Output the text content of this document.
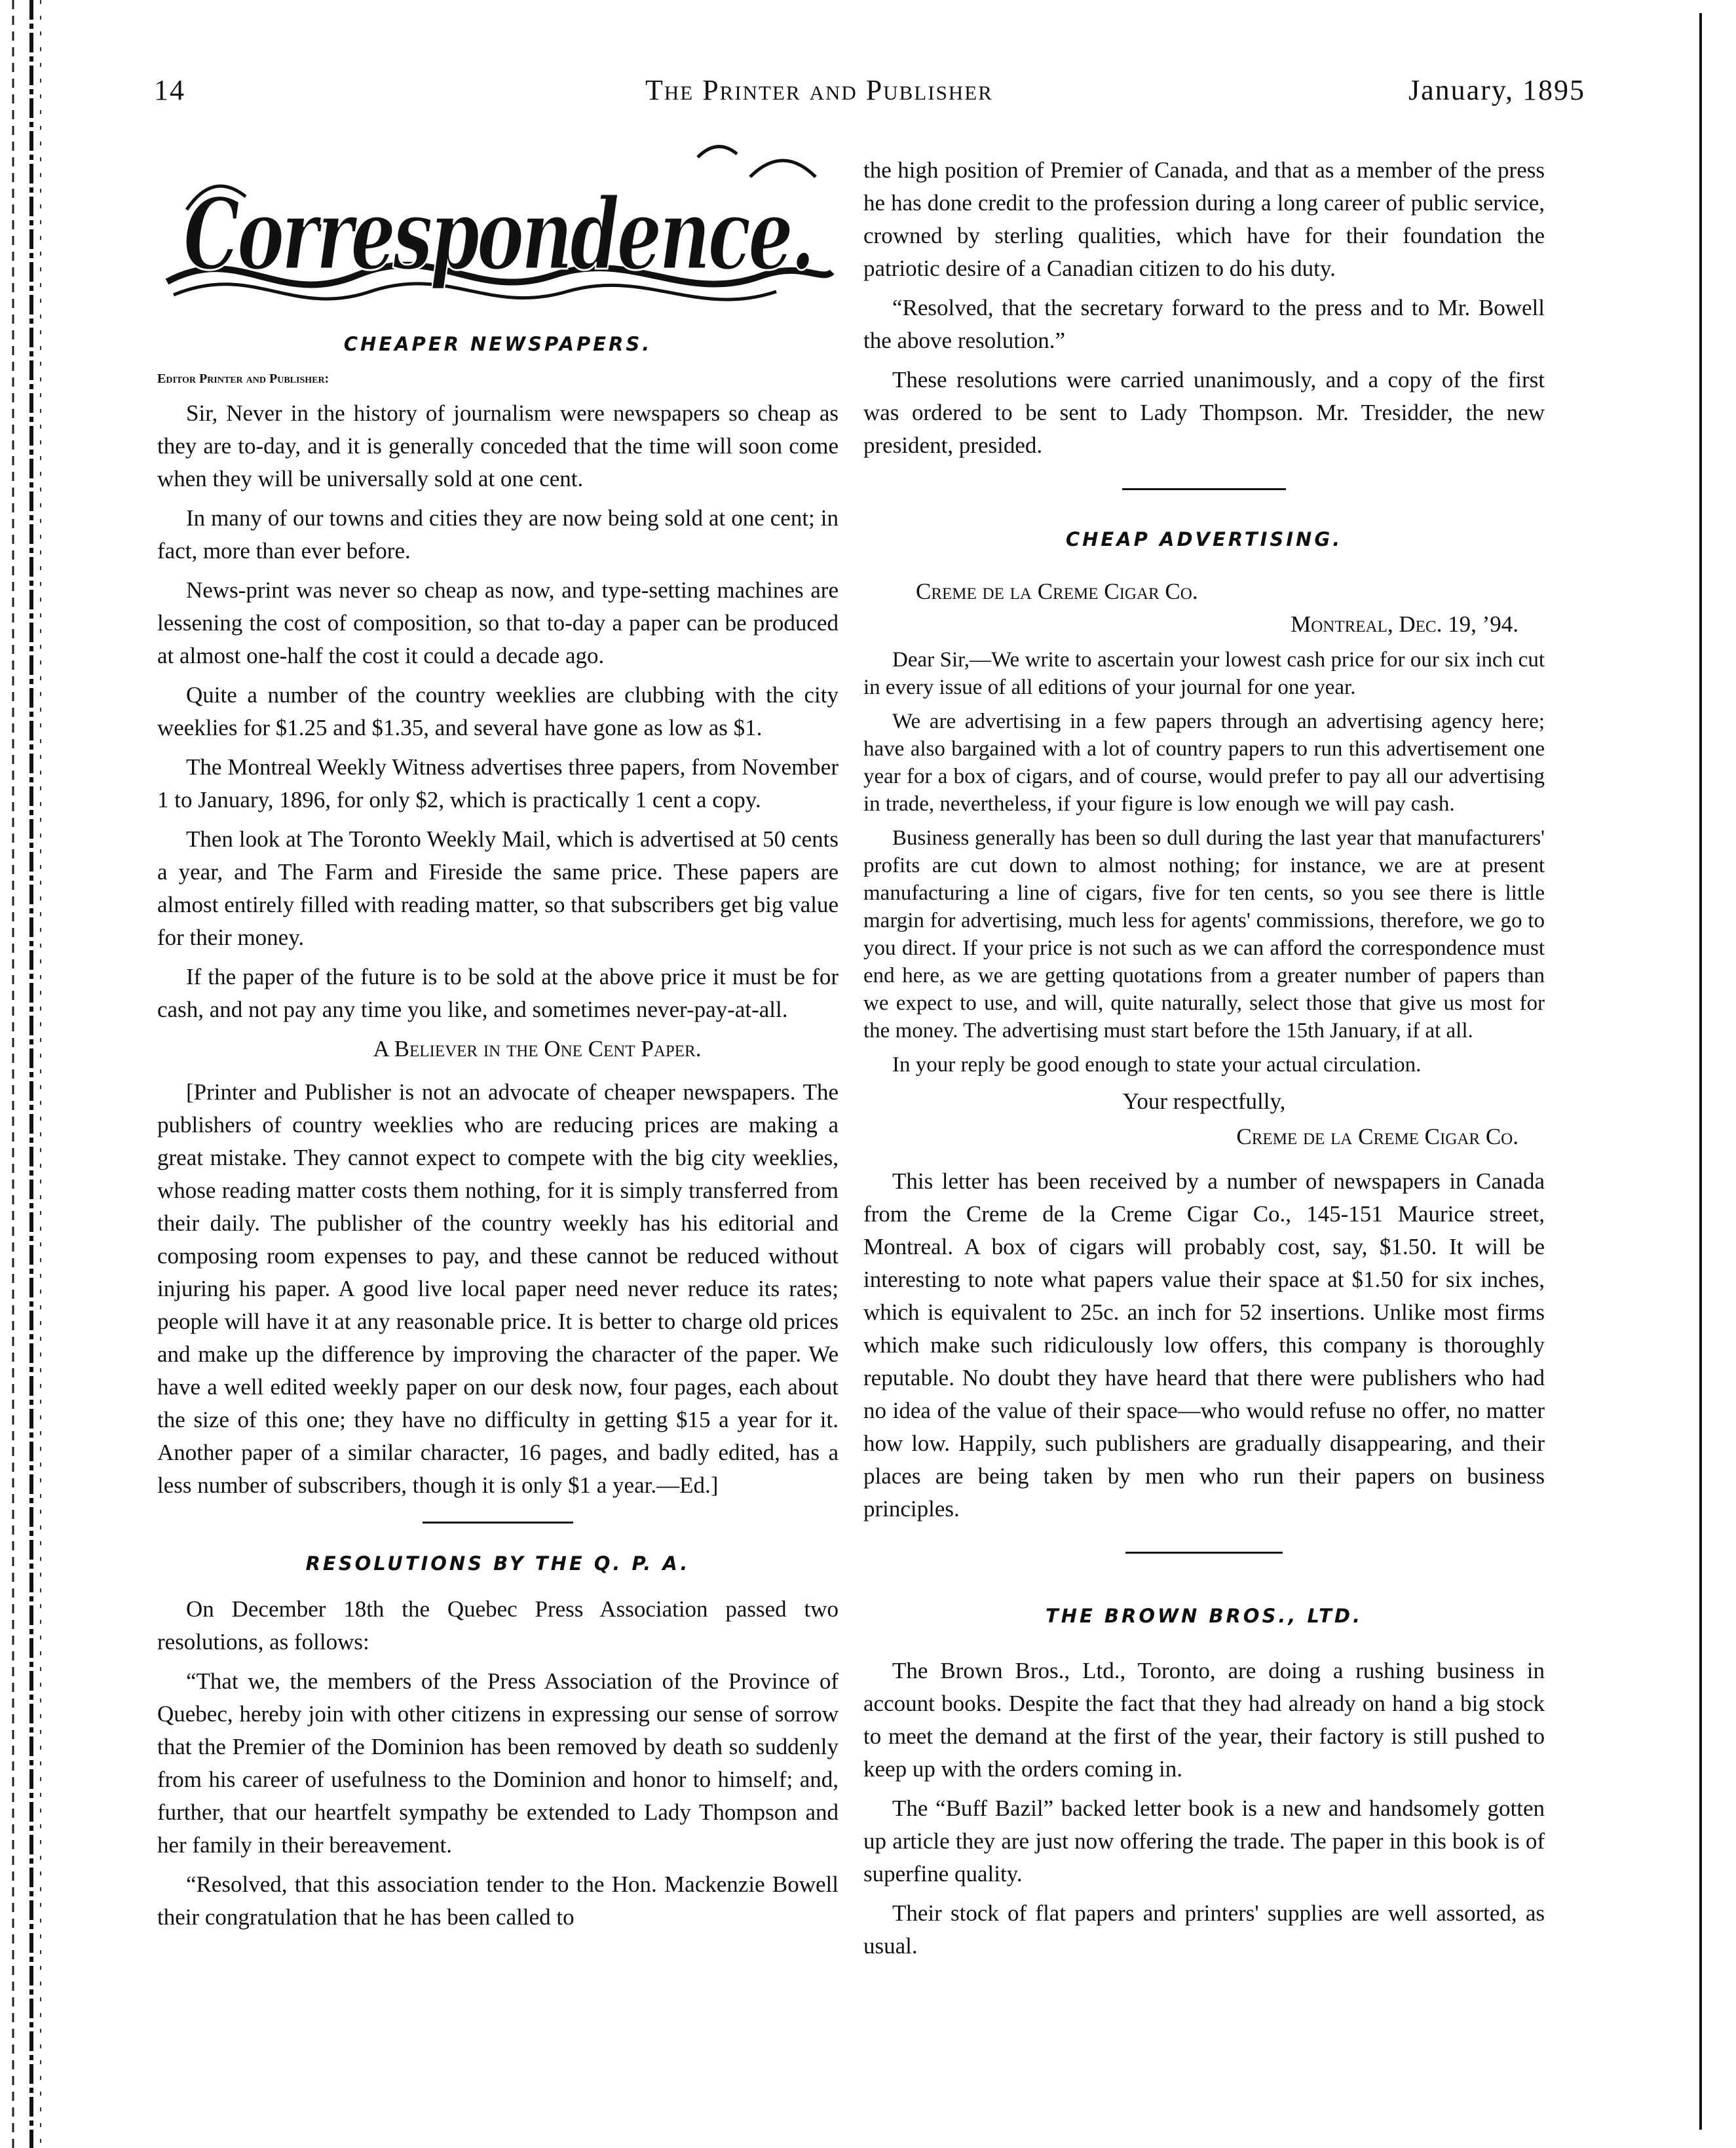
14	The Printer and Publisher	January, 1895
Correspondence.
CHEAPER NEWSPAPERS.
Editor Printer and Publisher:

Sir, Never in the history of journalism were newspapers so cheap as they are to-day, and it is generally conceded that the time will soon come when they will be universally sold at one cent.

In many of our towns and cities they are now being sold at one cent; in fact, more than ever before.

News-print was never so cheap as now, and type-setting machines are lessening the cost of composition, so that to-day a paper can be produced at almost one-half the cost it could a decade ago.

Quite a number of the country weeklies are clubbing with the city weeklies for $1.25 and $1.35, and several have gone as low as $1.

The Montreal Weekly Witness advertises three papers, from November 1 to January, 1896, for only $2, which is practically 1 cent a copy.

Then look at The Toronto Weekly Mail, which is advertised at 50 cents a year, and The Farm and Fireside the same price. These papers are almost entirely filled with reading matter, so that subscribers get big value for their money.

If the paper of the future is to be sold at the above price it must be for cash, and not pay any time you like, and sometimes never-pay-at-all.

A Believer in the One Cent Paper.

[Printer and Publisher is not an advocate of cheaper newspapers. The publishers of country weeklies who are reducing prices are making a great mistake. They cannot expect to compete with the big city weeklies, whose reading matter costs them nothing, for it is simply transferred from their daily. The publisher of the country weekly has his editorial and composing room expenses to pay, and these cannot be reduced without injuring his paper. A good live local paper need never reduce its rates; people will have it at any reasonable price. It is better to charge old prices and make up the difference by improving the character of the paper. We have a well edited weekly paper on our desk now, four pages, each about the size of this one; they have no difficulty in getting $15 a year for it. Another paper of a similar character, 16 pages, and badly edited, has a less number of subscribers, though it is only $1 a year.—Ed.]

RESOLUTIONS BY THE Q. P. A.

On December 18th the Quebec Press Association passed two resolutions, as follows:

“That we, the members of the Press Association of the Province of Quebec, hereby join with other citizens in expressing our sense of sorrow that the Premier of the Dominion has been removed by death so suddenly from his career of usefulness to the Dominion and honor to himself; and, further, that our heartfelt sympathy be extended to Lady Thompson and her family in their bereavement.

“Resolved, that this association tender to the Hon. Mackenzie Bowell their congratulation that he has been called to

the high position of Premier of Canada, and that as a member of the press he has done credit to the profession during a long career of public service, crowned by sterling qualities, which have for their foundation the patriotic desire of a Canadian citizen to do his duty.

“Resolved, that the secretary forward to the press and to Mr. Bowell the above resolution.”

These resolutions were carried unanimously, and a copy of the first was ordered to be sent to Lady Thompson. Mr. Tresidder, the new president, presided.

CHEAP ADVERTISING.
Creme de la Creme Cigar Co.
Montreal, Dec. 19, ’94.

Dear Sir,—We write to ascertain your lowest cash price for our six inch cut in every issue of all editions of your journal for one year.

We are advertising in a few papers through an advertising agency here; have also bargained with a lot of country papers to run this advertisement one year for a box of cigars, and of course, would prefer to pay all our advertising in trade, nevertheless, if your figure is low enough we will pay cash.

Business generally has been so dull during the last year that manufacturers' profits are cut down to almost nothing; for instance, we are at present manufacturing a line of cigars, five for ten cents, so you see there is little margin for advertising, much less for agents' commissions, therefore, we go to you direct. If your price is not such as we can afford the correspondence must end here, as we are getting quotations from a greater number of papers than we expect to use, and will, quite naturally, select those that give us most for the money. The advertising must start before the 15th January, if at all.

In your reply be good enough to state your actual circulation.

Your respectfully,
Creme de la Creme Cigar Co.

This letter has been received by a number of newspapers in Canada from the Creme de la Creme Cigar Co., 145-151 Maurice street, Montreal. A box of cigars will probably cost, say, $1.50. It will be interesting to note what papers value their space at $1.50 for six inches, which is equivalent to 25c. an inch for 52 insertions. Unlike most firms which make such ridiculously low offers, this company is thoroughly reputable. No doubt they have heard that there were publishers who had no idea of the value of their space—who would refuse no offer, no matter how low. Happily, such publishers are gradually disappearing, and their places are being taken by men who run their papers on business principles.

THE BROWN BROS., LTD.

The Brown Bros., Ltd., Toronto, are doing a rushing business in account books. Despite the fact that they had already on hand a big stock to meet the demand at the first of the year, their factory is still pushed to keep up with the orders coming in.

The “Buff Bazil” backed letter book is a new and handsomely gotten up article they are just now offering the trade. The paper in this book is of superfine quality.

Their stock of flat papers and printers' supplies are well assorted, as usual.
